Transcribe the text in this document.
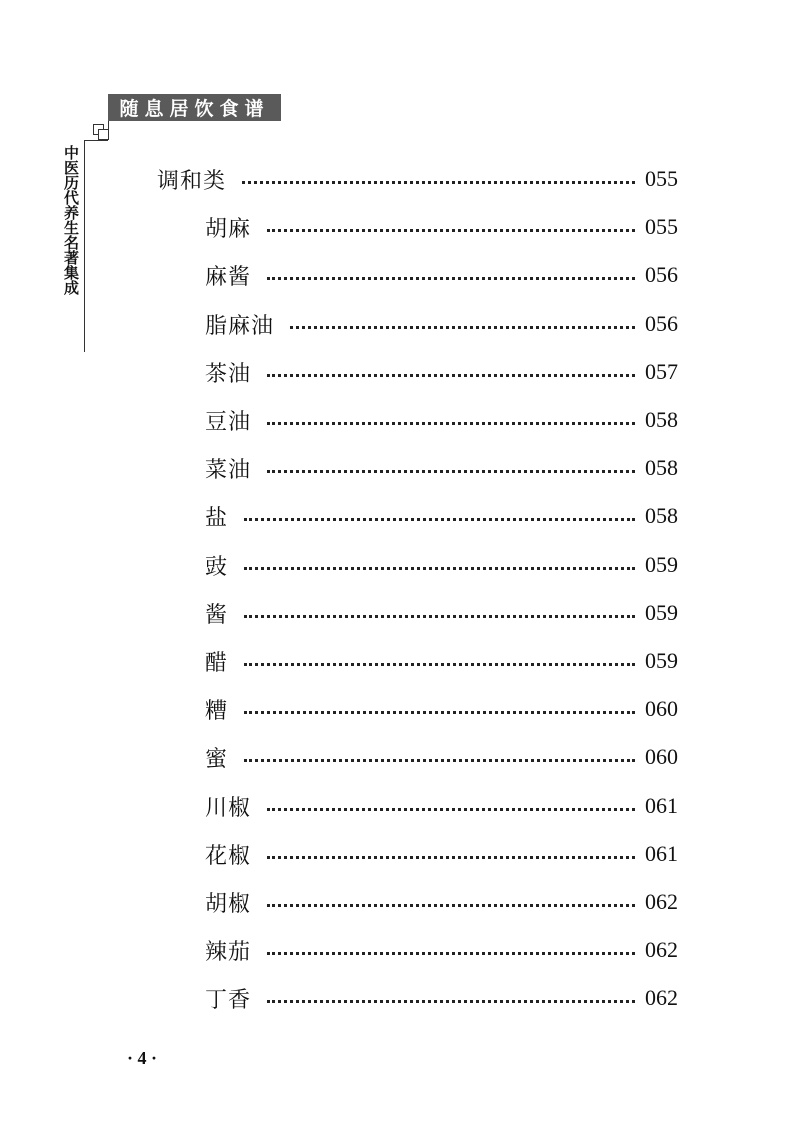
随息居饮食谱
中医历代养生名著集成	调和类	055
胡麻	055
麻酱	056
脂麻油	056
茶油	057
豆油	058
菜油	058
盐	058
豉	059
酱	059
醋	059
糟	060
蜜	060
川椒	061
花椒	061
胡椒	062
辣茄	062
丁香	062
· 4 ·
